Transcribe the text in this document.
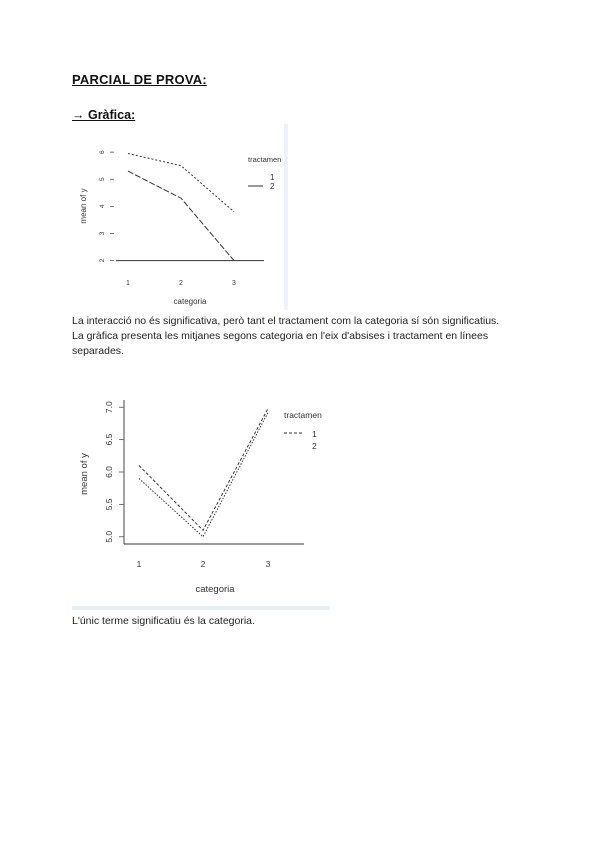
PARCIAL DE PROVA:
→ Gràfica:
2
3
4
5
6
1	2	3
mean of y
categoria
tractamen
1
2
La interacció no és significativa, però tant el tractament com la categoria sí són significatius.
La gràfica presenta les mitjanes segons categoria en l'eix d'absises i tractament en línees separades.
5.0
5.5
6.0
6.5
7.0
1	2	3
mean of y
categoria
tractamen
1
2
L'únic terme significatiu és la categoria.
